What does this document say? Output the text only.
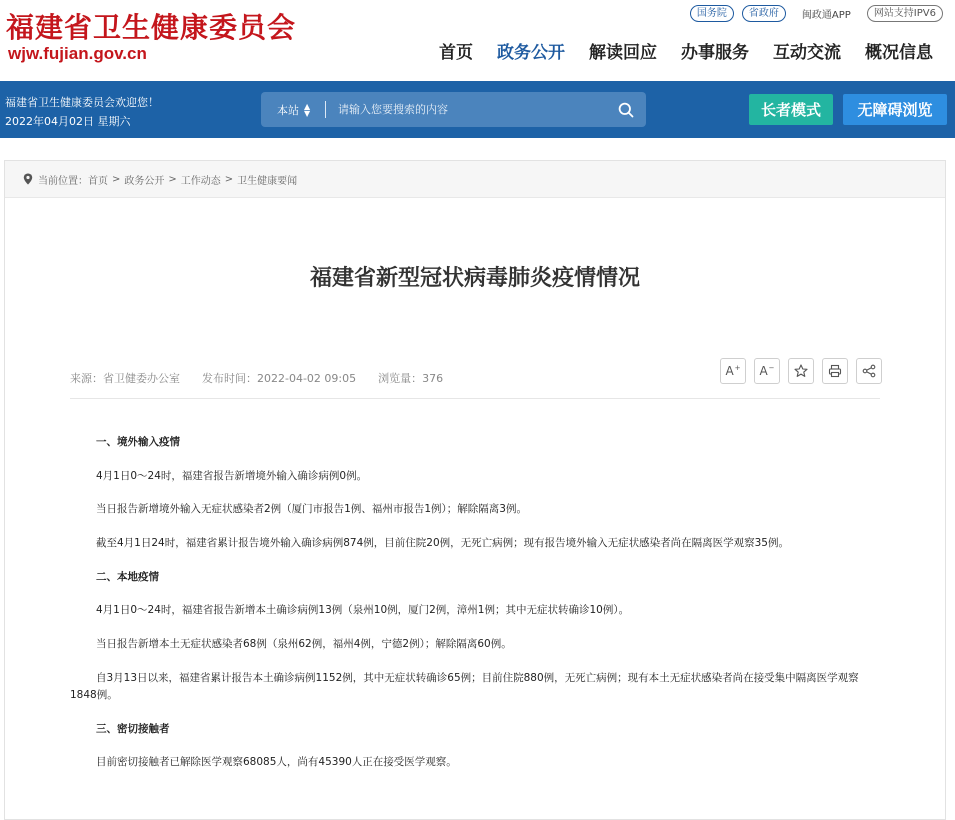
福建省卫生健康委员会
wjw.fujian.gov.cn
国务院	省政府	闽政通APP	网站支持IPV6
首页	政务公开	解读回应	办事服务	互动交流	概况信息
福建省卫生健康委员会欢迎您！
2022年04月02日 星期六
本站 ▲
▼
请输入您要搜索的内容	长者模式	无障碍浏览
当前位置： 首页 > 政务公开 > 工作动态 > 卫生健康要闻
福建省新型冠状病毒肺炎疫情情况
来源：省卫健委办公室 发布时间：2022-04-02 09:05 浏览量：376
A+ A−

一、境外输入疫情

4月1日0～24时，福建省报告新增境外输入确诊病例0例。

当日报告新增境外输入无症状感染者2例（厦门市报告1例、福州市报告1例）；解除隔离3例。

截至4月1日24时，福建省累计报告境外输入确诊病例874例，目前住院20例，无死亡病例；现有报告境外输入无症状感染者尚在隔离医学观察35例。

二、本地疫情

4月1日0～24时，福建省报告新增本土确诊病例13例（泉州10例，厦门2例，漳州1例；其中无症状转确诊10例）。

当日报告新增本土无症状感染者68例（泉州62例，福州4例，宁德2例）；解除隔离60例。

自3月13日以来，福建省累计报告本土确诊病例1152例，其中无症状转确诊65例；目前住院880例，无死亡病例；现有本土无症状感染者尚在接受集中隔离医学观察1848例。

三、密切接触者

目前密切接触者已解除医学观察68085人，尚有45390人正在接受医学观察。
